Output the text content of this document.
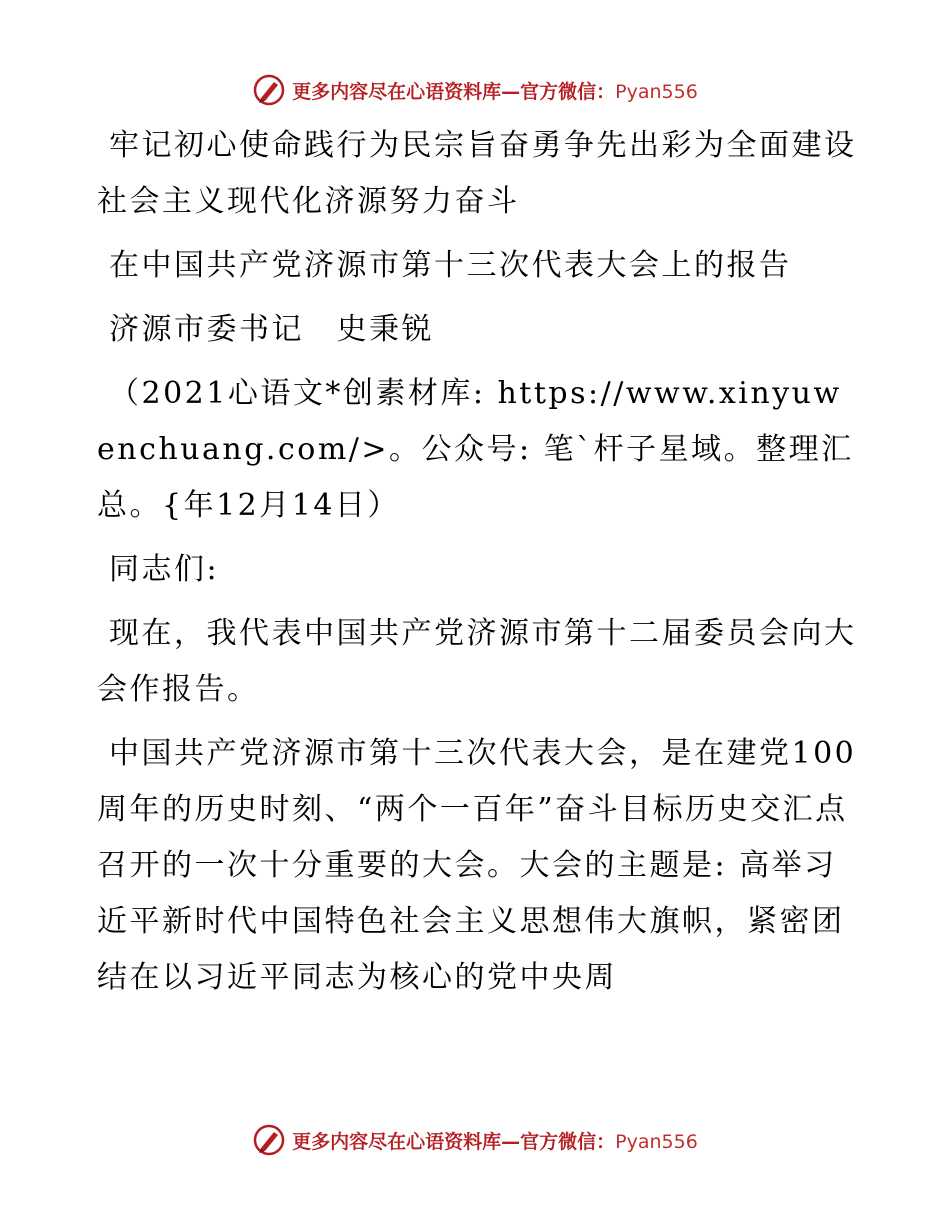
更多内容尽在心语资料库—官方微信：Pyan556

牢记初心使命践行为民宗旨奋勇争先出彩为全面建设社会主义现代化济源努力奋斗

在中国共产党济源市第十三次代表大会上的报告

济源市委书记　史秉锐

（2021心语文*创素材库: https://www.xinyuwenchuang.com/>。公众号: 笔`杆子星域。整理汇总。{年12月14日）

同志们:

现在，我代表中国共产党济源市第十二届委员会向大会作报告。

中国共产党济源市第十三次代表大会，是在建党100周年的历史时刻、“两个一百年”奋斗目标历史交汇点召开的一次十分重要的大会。大会的主题是: 高举习近平新时代中国特色社会主义思想伟大旗帜，紧密团结在以习近平同志为核心的党中央周

更多内容尽在心语资料库—官方微信：Pyan556
